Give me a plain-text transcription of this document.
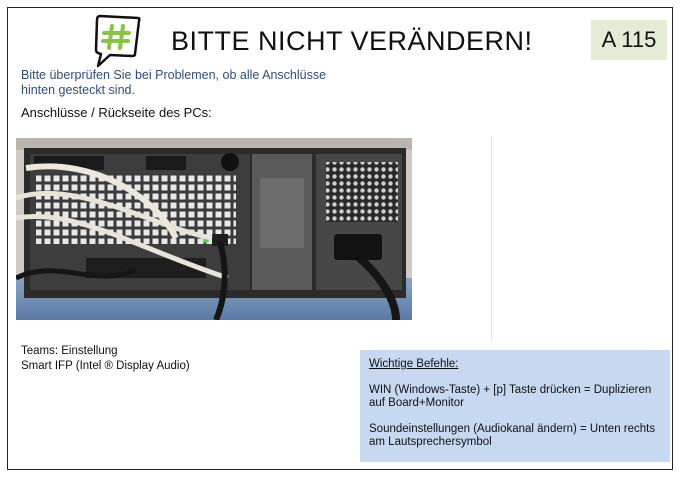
BITTE NICHT VERÄNDERN!	A 115
Bitte überprüfen Sie bei Problemen, ob alle Anschlüsse
hinten gesteckt sind.
Anschlüsse / Rückseite des PCs:
Teams: Einstellung
Smart IFP (Intel ® Display Audio)	Wichtige Befehle:
WIN (Windows-Taste) + [p] Taste drücken = Duplizieren auf Board+Monitor
Soundeinstellungen (Audiokanal ändern) = Unten rechts am Lautsprechersymbol
